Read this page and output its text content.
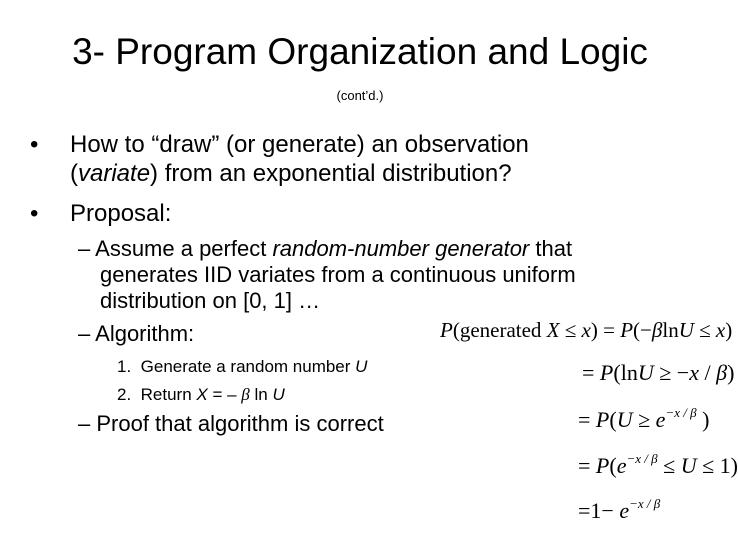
3- Program Organization and Logic
(cont’d.)
• How to “draw” (or generate) an observation
(variate) from an exponential distribution?
• Proposal:
– Assume a perfect random-number generator that
generates IID variates from a continuous uniform
distribution on [0, 1] …
– Algorithm:
1. Generate a random number U
2. Return X = – β ln U
– Proof that algorithm is correct
P(generated X ≤ x) = P(−βlnU ≤ x)
= P(lnU ≥ −x / β)
= $P(U \ge e^{-x / \beta}$ )
= $P(e^{-x / \beta} \le U \le 1)$
$=1- e^{-x / \beta}$
